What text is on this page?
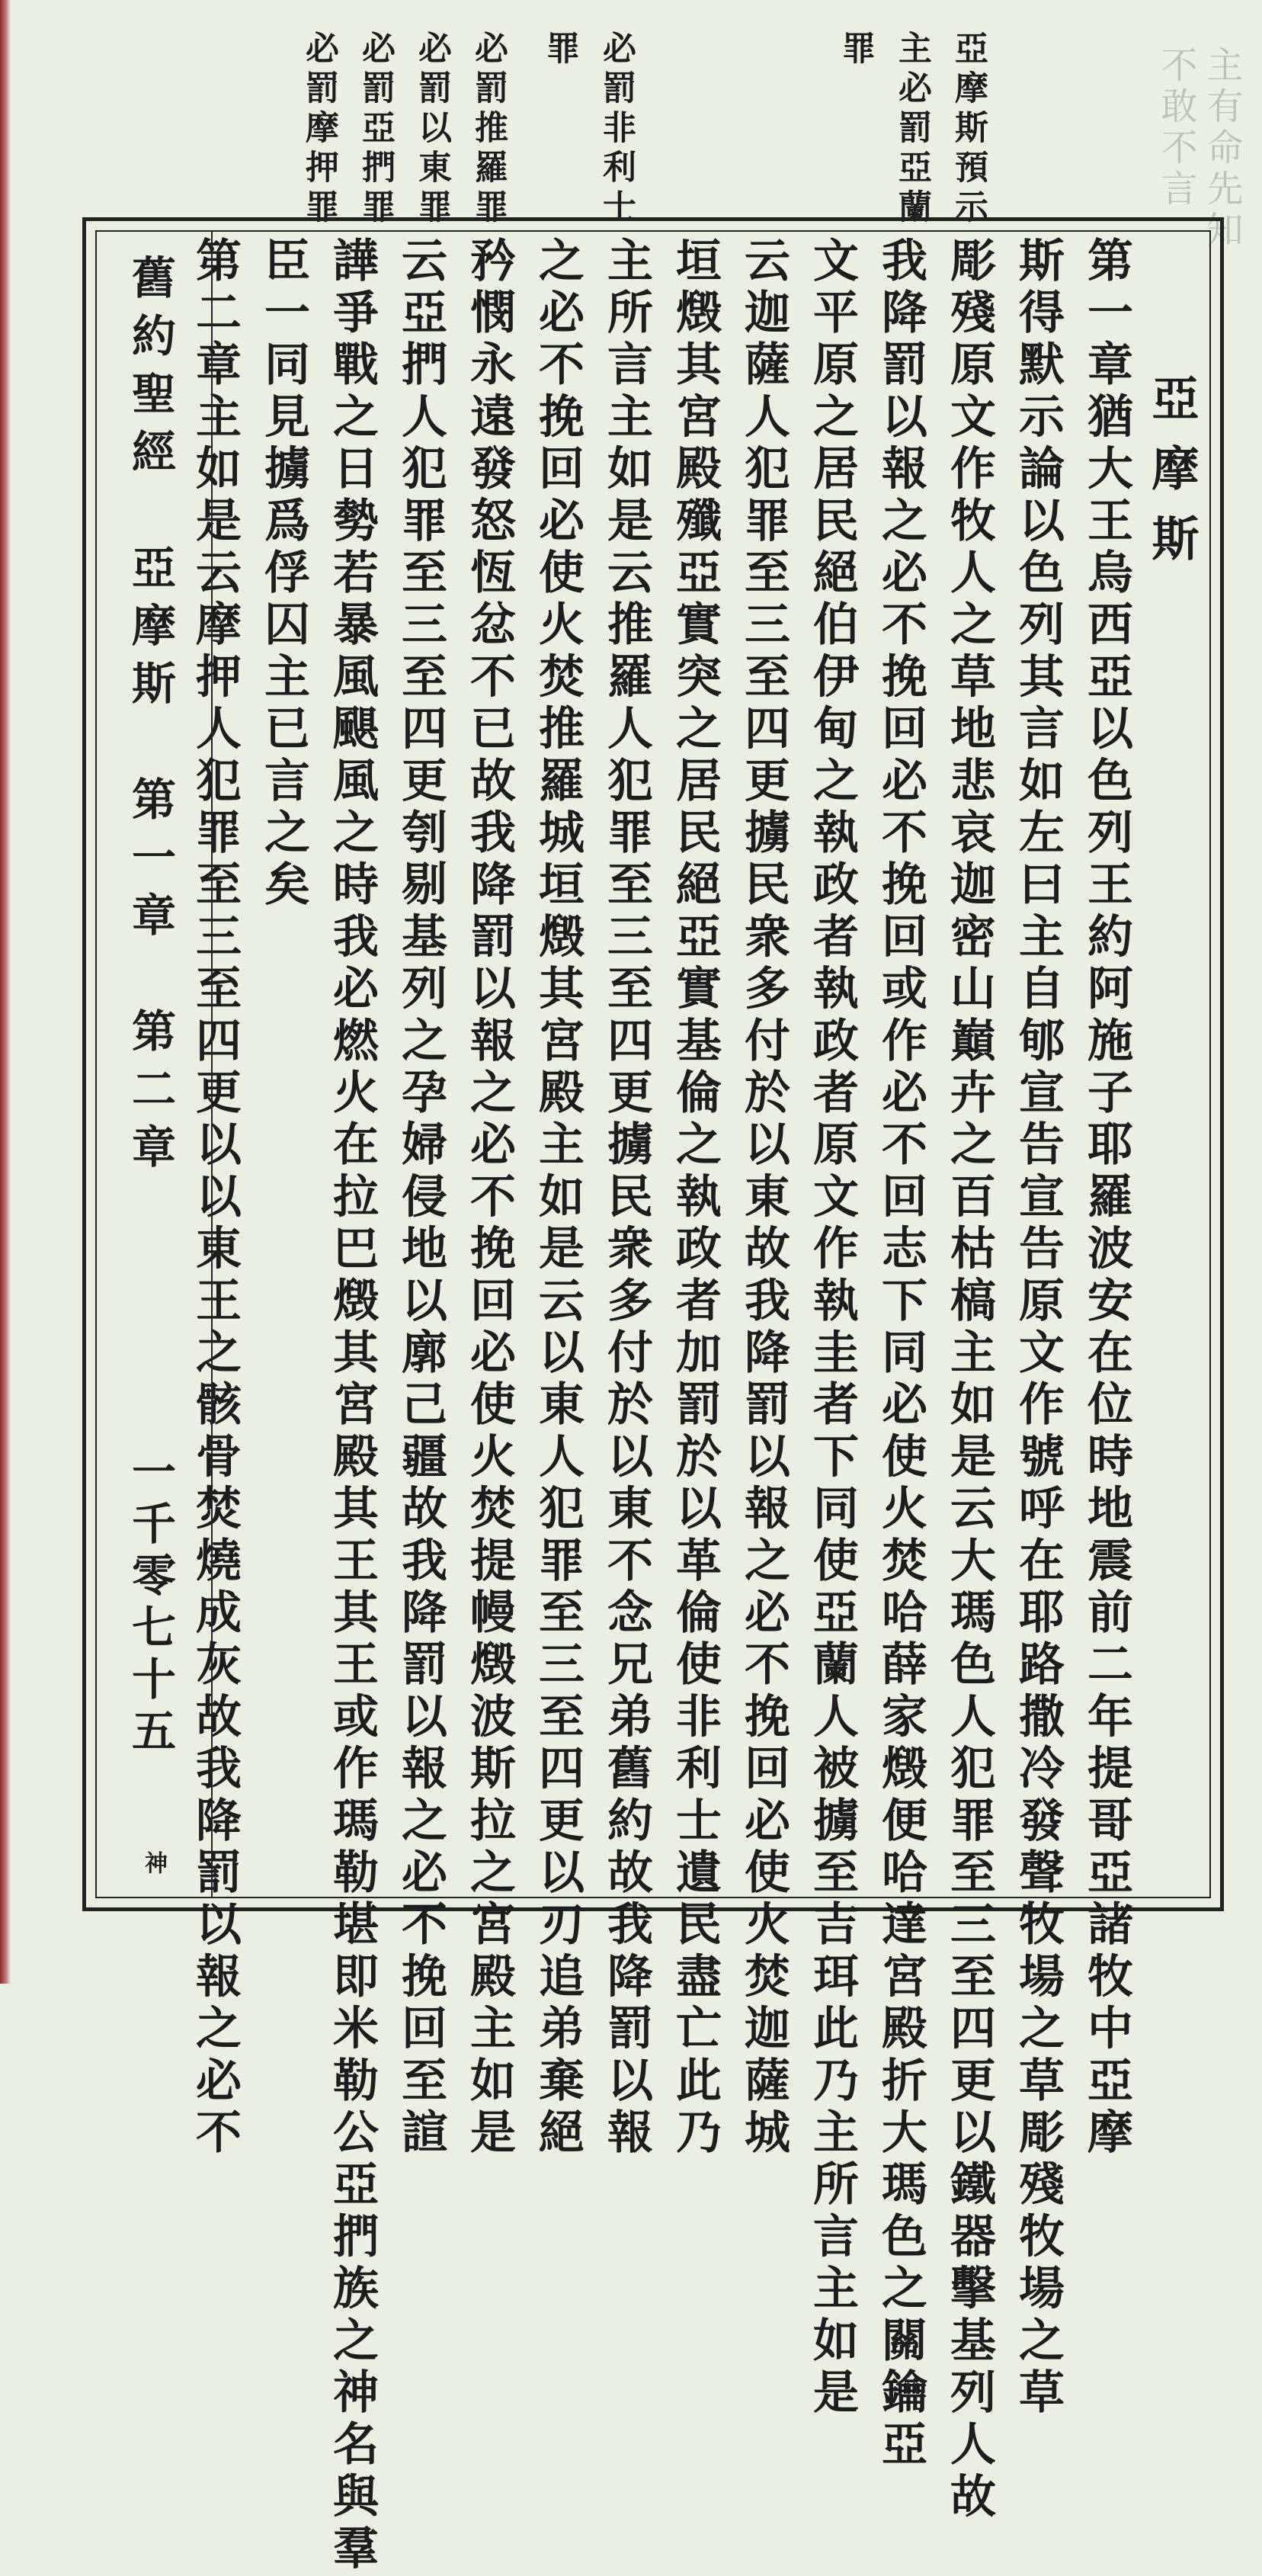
主有命先知
不敢不言
亞摩斯預示
主必罰亞蘭
罪
必罰非利士
罪
必罰推羅罪
必罰以東罪
必罰亞捫罪
必罰摩押罪
亞摩斯
第一章猶大王烏西亞以色列王約阿施子耶羅波安在位時地震前二年提哥亞諸牧中亞摩
斯得默示論以色列其言如左曰主自郇宣告宣告原文作號呼在耶路撒冷發聲牧場之草彫殘牧場之草
彫殘原文作牧人之草地悲哀迦密山巔卉之百枯槁主如是云大瑪色人犯罪至三至四更以鐵器擊基列人故
我降罰以報之必不挽回必不挽回或作必不回志下同必使火焚哈薛家燬便哈達宮殿折大瑪色之關鑰亞
文平原之居民絕伯伊甸之執政者執政者原文作執圭者下同使亞蘭人被擄至吉珥此乃主所言主如是
云迦薩人犯罪至三至四更擄民衆多付於以東故我降罰以報之必不挽回必使火焚迦薩城
垣燬其宮殿殲亞實突之居民絕亞實基倫之執政者加罰於以革倫使非利士遺民盡亡此乃
主所言主如是云推羅人犯罪至三至四更擄民衆多付於以東不念兄弟舊約故我降罰以報
之必不挽回必使火焚推羅城垣燬其宮殿主如是云以東人犯罪至三至四更以刃追弟棄絕
矜憫永遠發怒恆忿不已故我降罰以報之必不挽回必使火焚提幔燬波斯拉之宮殿主如是
云亞捫人犯罪至三至四更刳剔基列之孕婦侵地以廓己疆故我降罰以報之必不挽回至諠
譁爭戰之日勢若暴風颶風之時我必燃火在拉巴燬其宮殿其王其王或作瑪勒堪即米勒公亞捫族之神名與羣
臣一同見擄爲俘囚主已言之矣
第二章主如是云摩押人犯罪至三至四更以以東王之骸骨焚燒成灰故我降罰以報之必不
舊約聖經　亞摩斯　第一章　第二章
一千零七十五
神
